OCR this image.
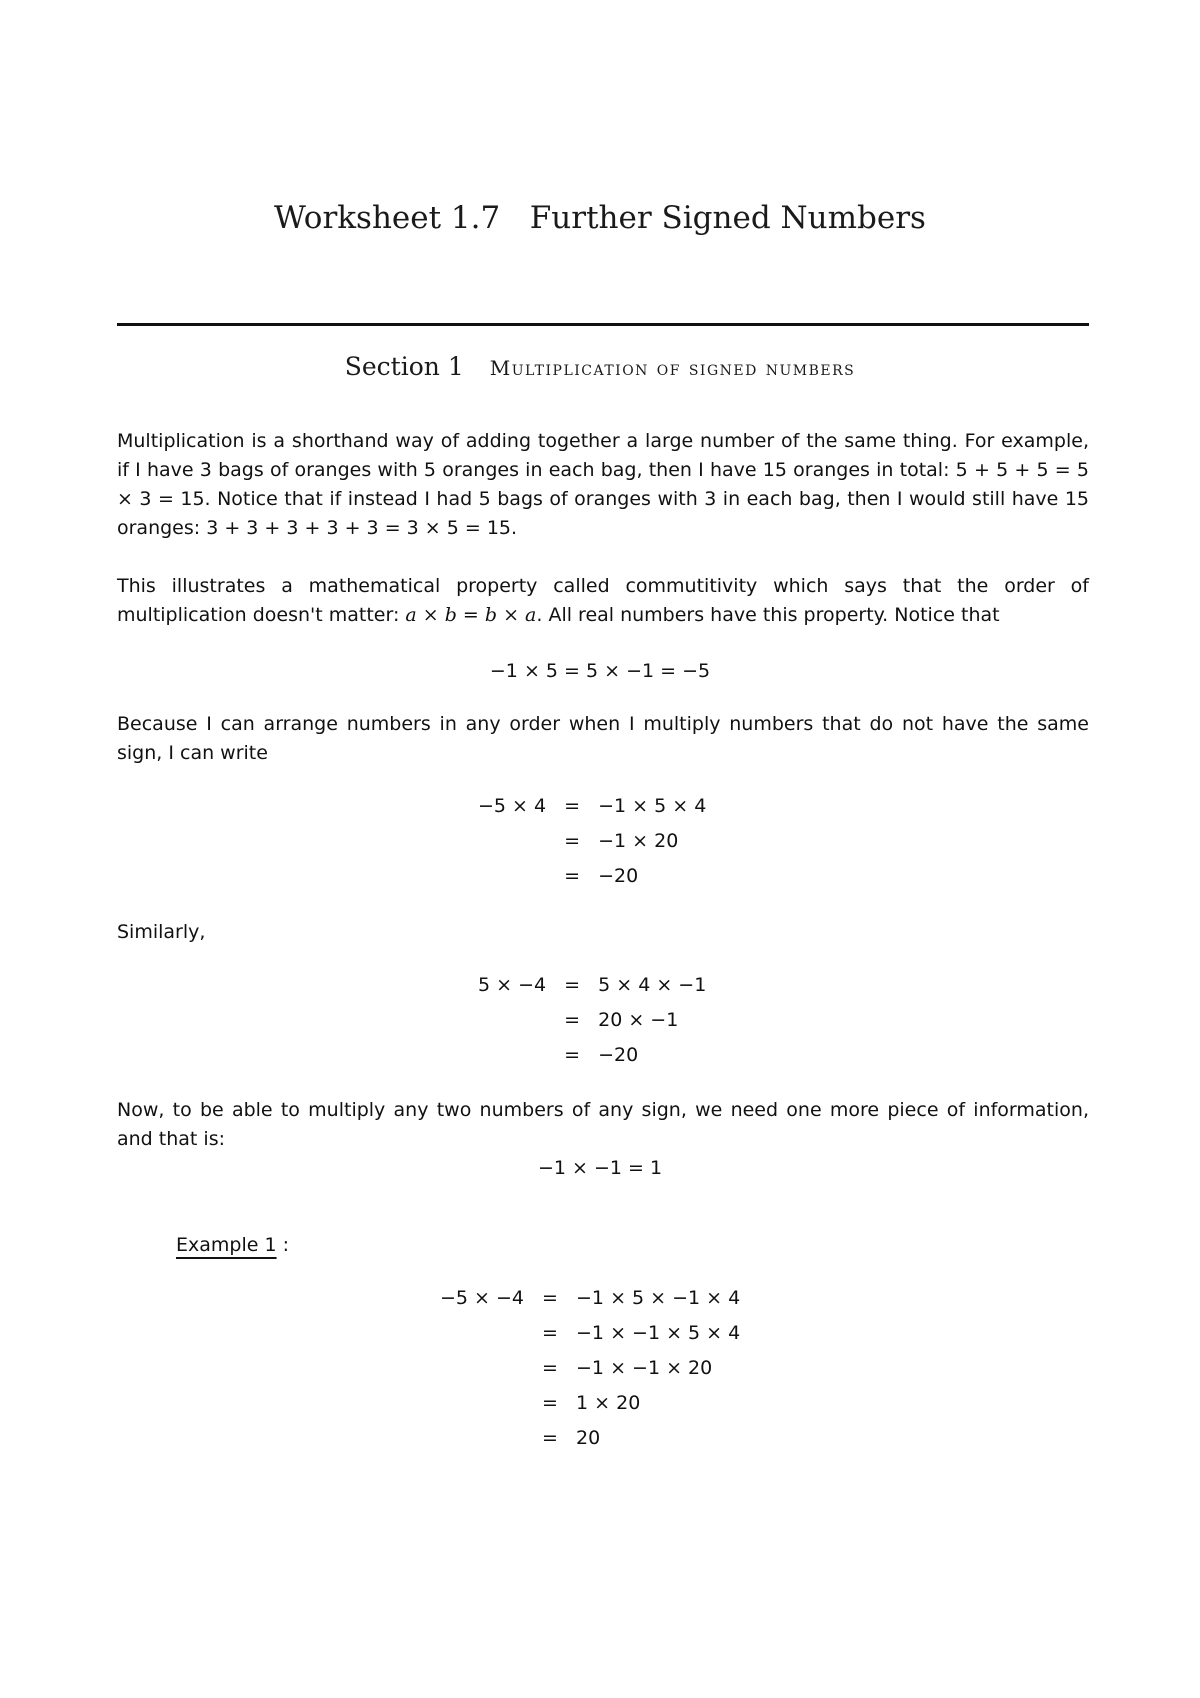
Worksheet 1.7   Further Signed Numbers
Section 1 Multiplication of signed numbers

Multiplication is a shorthand way of adding together a large number of the same thing. For example, if I have 3 bags of oranges with 5 oranges in each bag, then I have 15 oranges in total: 5 + 5 + 5 = 5 × 3 = 15. Notice that if instead I had 5 bags of oranges with 3 in each bag, then I would still have 15 oranges: 3 + 3 + 3 + 3 + 3 = 3 × 5 = 15.

This illustrates a mathematical property called commutitivity which says that the order of multiplication doesn't matter: a × b = b × a. All real numbers have this property. Notice that

−1 × 5 = 5 × −1 = −5

Because I can arrange numbers in any order when I multiply numbers that do not have the same sign, I can write

−5 × 4	=	−1 × 5 × 4
	=	−1 × 20
	=	−20

Similarly,

5 × −4	=	5 × 4 × −1
	=	20 × −1
	=	−20

Now, to be able to multiply any two numbers of any sign, we need one more piece of information, and that is:

−1 × −1 = 1
Example 1 :
−5 × −4	=	−1 × 5 × −1 × 4
	=	−1 × −1 × 5 × 4
	=	−1 × −1 × 20
	=	1 × 20
	=	20
